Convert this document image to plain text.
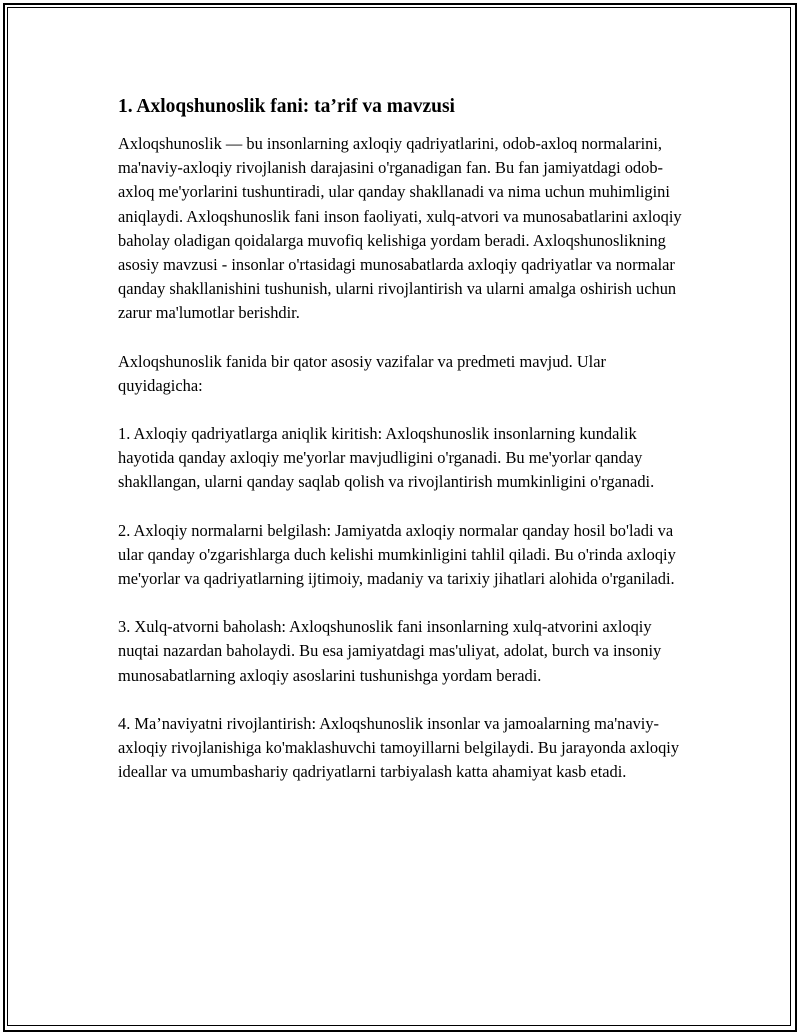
1. Axloqshunoslik fani: ta’rif va mavzusi

Axloqshunoslik — bu insonlarning axloqiy qadriyatlarini, odob-axloq normalarini, ma'naviy-axloqiy rivojlanish darajasini o'rganadigan fan. Bu fan jamiyatdagi odob-axloq me'yorlarini tushuntiradi, ular qanday shakllanadi va nima uchun muhimligini aniqlaydi. Axloqshunoslik fani inson faoliyati, xulq-atvori va munosabatlarini axloqiy baholay oladigan qoidalarga muvofiq kelishiga yordam beradi. Axloqshunoslikning asosiy mavzusi - insonlar o'rtasidagi munosabatlarda axloqiy qadriyatlar va normalar qanday shakllanishini tushunish, ularni rivojlantirish va ularni amalga oshirish uchun zarur ma'lumotlar berishdir.

Axloqshunoslik fanida bir qator asosiy vazifalar va predmeti mavjud. Ular quyidagicha:

1. Axloqiy qadriyatlarga aniqlik kiritish: Axloqshunoslik insonlarning kundalik hayotida qanday axloqiy me'yorlar mavjudligini o'rganadi. Bu me'yorlar qanday shakllangan, ularni qanday saqlab qolish va rivojlantirish mumkinligini o'rganadi.

2. Axloqiy normalarni belgilash: Jamiyatda axloqiy normalar qanday hosil bo'ladi va ular qanday o'zgarishlarga duch kelishi mumkinligini tahlil qiladi. Bu o'rinda axloqiy me'yorlar va qadriyatlarning ijtimoiy, madaniy va tarixiy jihatlari alohida o'rganiladi.

3. Xulq-atvorni baholash: Axloqshunoslik fani insonlarning xulq-atvorini axloqiy nuqtai nazardan baholaydi. Bu esa jamiyatdagi mas'uliyat, adolat, burch va insoniy munosabatlarning axloqiy asoslarini tushunishga yordam beradi.

4. Ma’naviyatni rivojlantirish: Axloqshunoslik insonlar va jamoalarning ma'naviy-axloqiy rivojlanishiga ko'maklashuvchi tamoyillarni belgilaydi. Bu jarayonda axloqiy ideallar va umumbashariy qadriyatlarni tarbiyalash katta ahamiyat kasb etadi.
